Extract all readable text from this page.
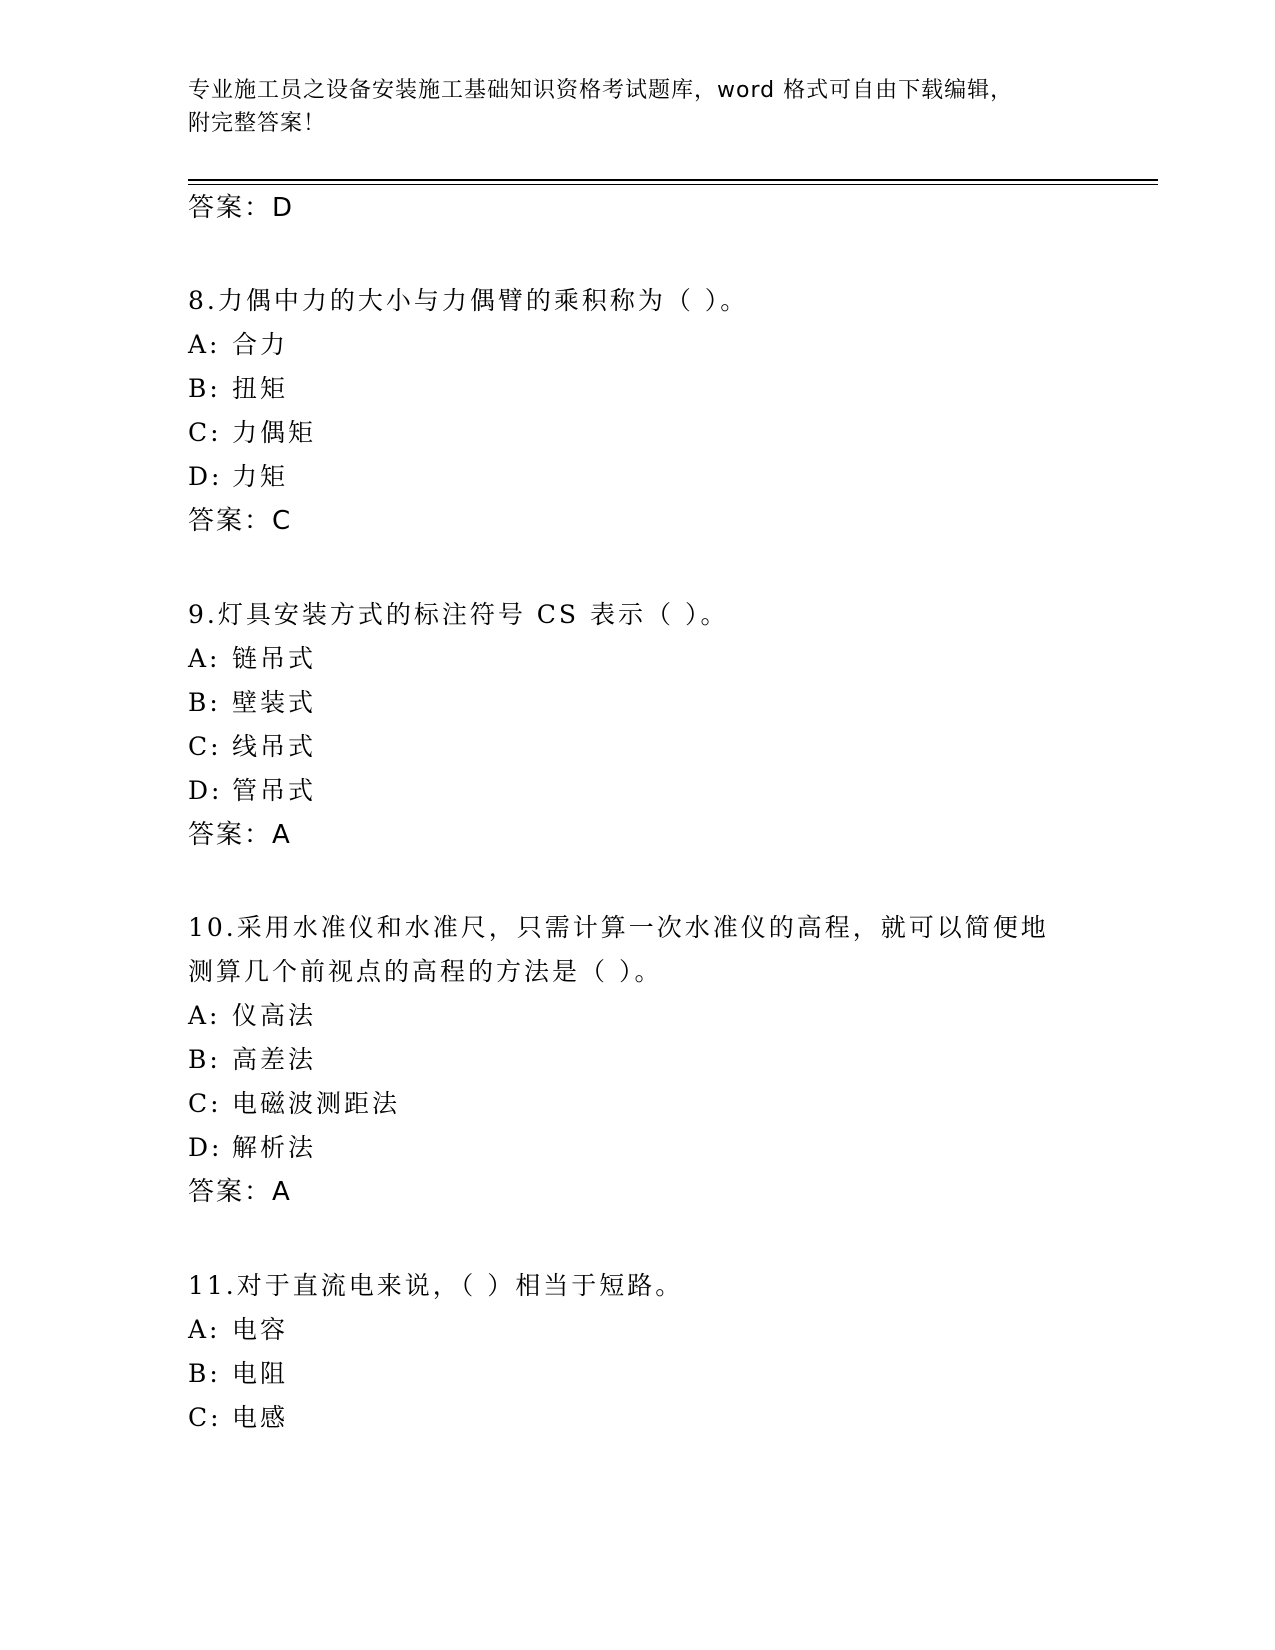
专业施工员之设备安装施工基础知识资格考试题库，word 格式可自由下载编辑，
附完整答案！
答案：D
8.力偶中力的大小与力偶臂的乘积称为（ ）。
A: 合力
B: 扭矩
C: 力偶矩
D: 力矩
答案：C
9.灯具安装方式的标注符号 CS 表示（ ）。
A: 链吊式
B: 壁装式
C: 线吊式
D: 管吊式
答案：A
10.采用水准仪和水准尺，只需计算一次水准仪的高程，就可以简便地
测算几个前视点的高程的方法是（ ）。
A: 仪高法
B: 高差法
C: 电磁波测距法
D: 解析法
答案：A
11.对于直流电来说，（ ）相当于短路。
A: 电容
B: 电阻
C: 电感
